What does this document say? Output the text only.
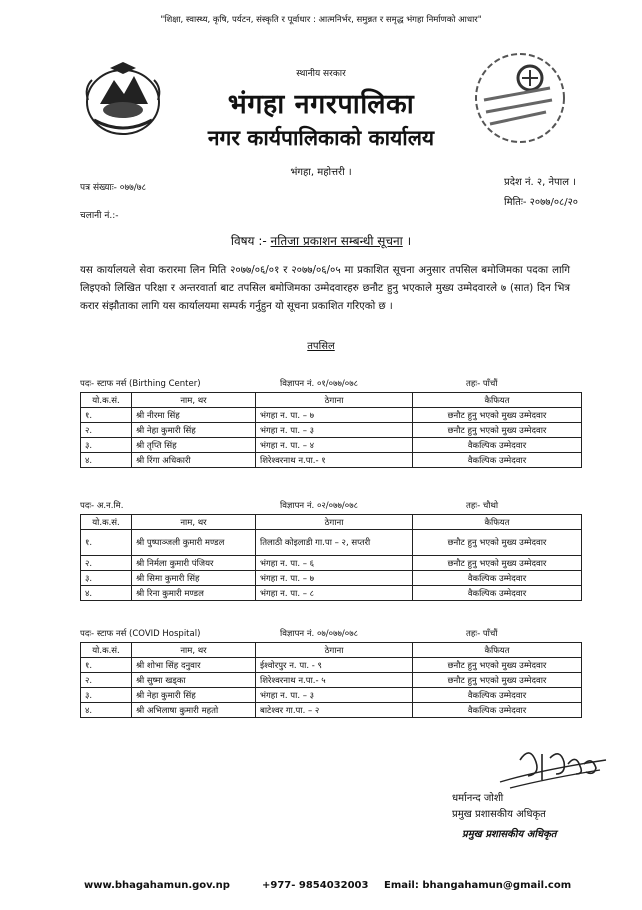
"शिक्षा, स्वास्थ्य, कृषि, पर्यटन, संस्कृति र पूर्वाधार : आत्मनिर्भर, समुन्नत र समृद्ध भंगहा निर्माणको आधार"
स्थानीय सरकार
भंगहा नगरपालिका
नगर कार्यपालिकाको कार्यालय
भंगहा, महोत्तरी ।
पत्र संख्याः- ०७७/७८	प्रदेश नं. २, नेपाल ।
मितिः- २०७७/०८/२०
चलानी नं.:-
विषय :- नतिजा प्रकाशन सम्बन्धी सूचना ।
यस कार्यालयले सेवा करारमा लिन मिति २०७७/०६/०१ र २०७७/०६/०५ मा प्रकाशित सूचना अनुसार तपसिल बमोजिमका पदका लागि लिइएको लिखित परिक्षा र अन्तरवार्ता बाट तपसिल बमोजिमका उम्मेदवारहरु छनौट हुनु भएकाले मुख्य उम्मेदवारले ७ (सात) दिन भित्र करार संझौताका लागि यस कार्यालयमा सम्पर्क गर्नुहुन यो सूचना प्रकाशित गरिएको छ ।
तपसिल
पदः- स्टाफ नर्स (Birthing Center)	विज्ञापन नं. ०१/०७७/०७८	तहः- पाँचौं
यो.क.सं.	नाम, थर	ठेगाना	कैफियत
१.	श्री नीरमा सिंह	भंगहा न. पा. – ७	छनौट हुनु भएको मुख्य उम्मेदवार
२.	श्री नेहा कुमारी सिंह	भंगहा न. पा. – ३	छनौट हुनु भएको मुख्य उम्मेदवार
३.	श्री तृप्ति सिंह	भंगहा न. पा. – ४	वैकल्पिक उम्मेदवार
४.	श्री रिंगा अधिकारी	शिरेश्वरनाथ न.पा.- १	वैकल्पिक उम्मेदवार
पदः- अ.न.मि.	विज्ञापन नं. ०२/०७७/०७८	तहः- चौथो
यो.क.सं.	नाम, थर	ठेगाना	कैफियत
१.	श्री पुष्पाञ्जली कुमारी मण्डल	तिलाठी कोइलाडी गा.पा – २, सप्तरी	छनौट हुनु भएको मुख्य उम्मेदवार
२.	श्री निर्मला कुमारी पंजियर	भंगहा न. पा. – ६	छनौट हुनु भएको मुख्य उम्मेदवार
३.	श्री सिमा कुमारी सिंह	भंगहा न. पा. – ७	वैकल्पिक उम्मेदवार
४.	श्री रिना कुमारी मण्डल	भंगहा न. पा. – ८	वैकल्पिक उम्मेदवार
पदः- स्टाफ नर्स (COVID Hospital)	विज्ञापन नं. ०७/०७७/०७८	तहः- पाँचौं
यो.क.सं.	नाम, थर	ठेगाना	कैफियत
१.	श्री शोभा सिंह दनुवार	ईश्वोरपुर न. पा. - ९	छनौट हुनु भएको मुख्य उम्मेदवार
२.	श्री सुष्मा खड्का	शिरेश्वरनाथ न.पा.- ५	छनौट हुनु भएको मुख्य उम्मेदवार
३.	श्री नेहा कुमारी सिंह	भंगहा न. पा. – ३	वैकल्पिक उम्मेदवार
४.	श्री अभिलाषा कुमारी महतो	बाटेश्वर गा.पा. – २	वैकल्पिक उम्मेदवार
धर्मानन्द जोशी
प्रमुख प्रशासकीय अधिकृत
प्रमुख प्रशासकीय अधिकृत
www.bhagahamun.gov.np	+977- 9854032003 Email: bhangahamun@gmail.com
